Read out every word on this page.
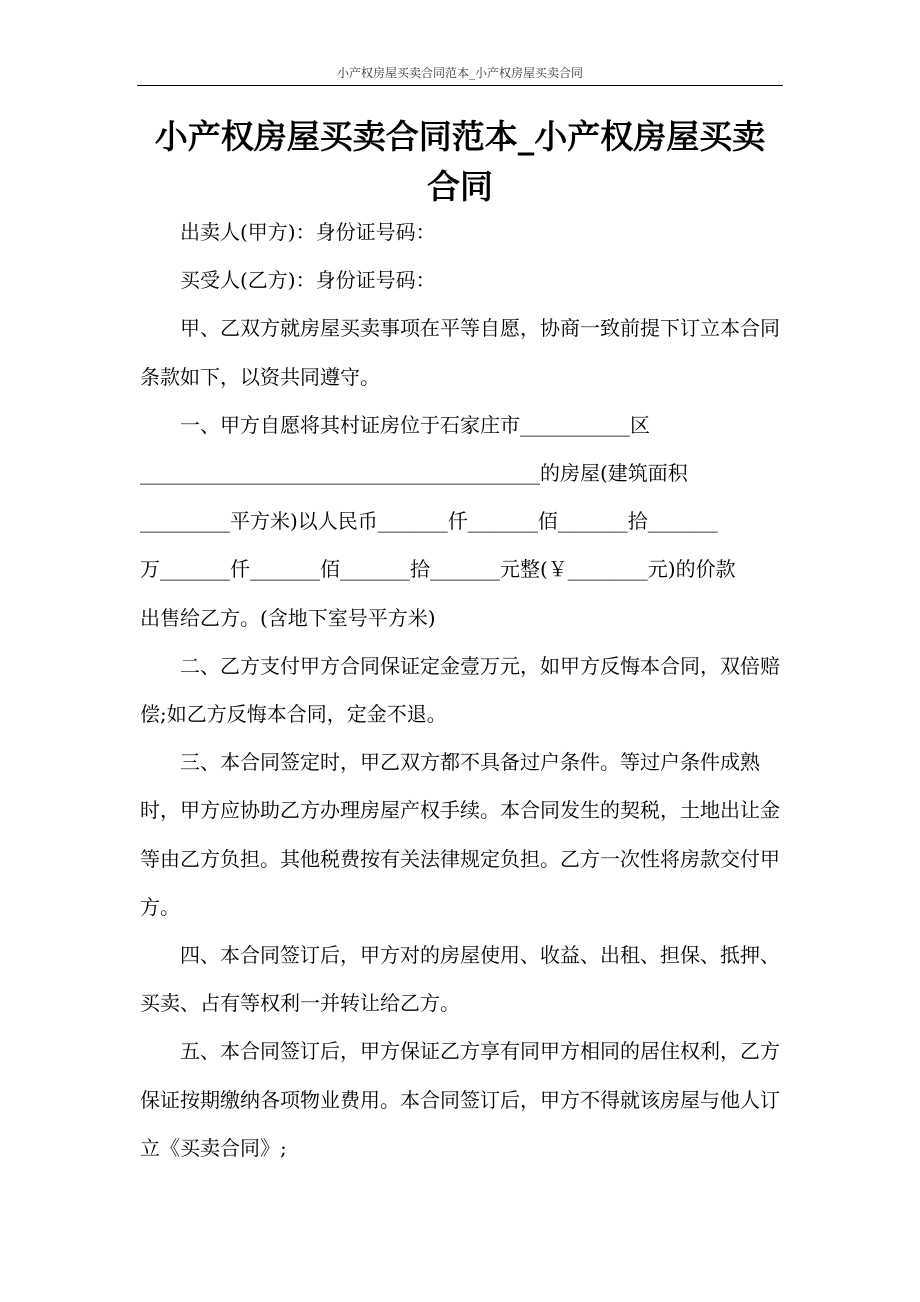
小产权房屋买卖合同范本_小产权房屋买卖合同
小产权房屋买卖合同范本_小产权房屋买卖合同

出卖人(甲方)：身份证号码：

买受人(乙方)：身份证号码：

甲、乙双方就房屋买卖事项在平等自愿，协商一致前提下订立本合同条款如下，以资共同遵守。

一、甲方自愿将其村证房位于石家庄市___________区
________________________________________的房屋(建筑面积
_________平方米)以人民币_______仟_______佰_______拾_______
万_______仟_______佰_______拾_______元整(￥________元)的价款
出售给乙方。(含地下室号平方米)

二、乙方支付甲方合同保证定金壹万元，如甲方反悔本合同，双倍赔偿;如乙方反悔本合同，定金不退。

三、本合同签定时，甲乙双方都不具备过户条件。等过户条件成熟时，甲方应协助乙方办理房屋产权手续。本合同发生的契税，土地出让金等由乙方负担。其他税费按有关法律规定负担。乙方一次性将房款交付甲方。

四、本合同签订后，甲方对的房屋使用、收益、出租、担保、抵押、买卖、占有等权利一并转让给乙方。

五、本合同签订后，甲方保证乙方享有同甲方相同的居住权利，乙方保证按期缴纳各项物业费用。本合同签订后，甲方不得就该房屋与他人订立《买卖合同》;
